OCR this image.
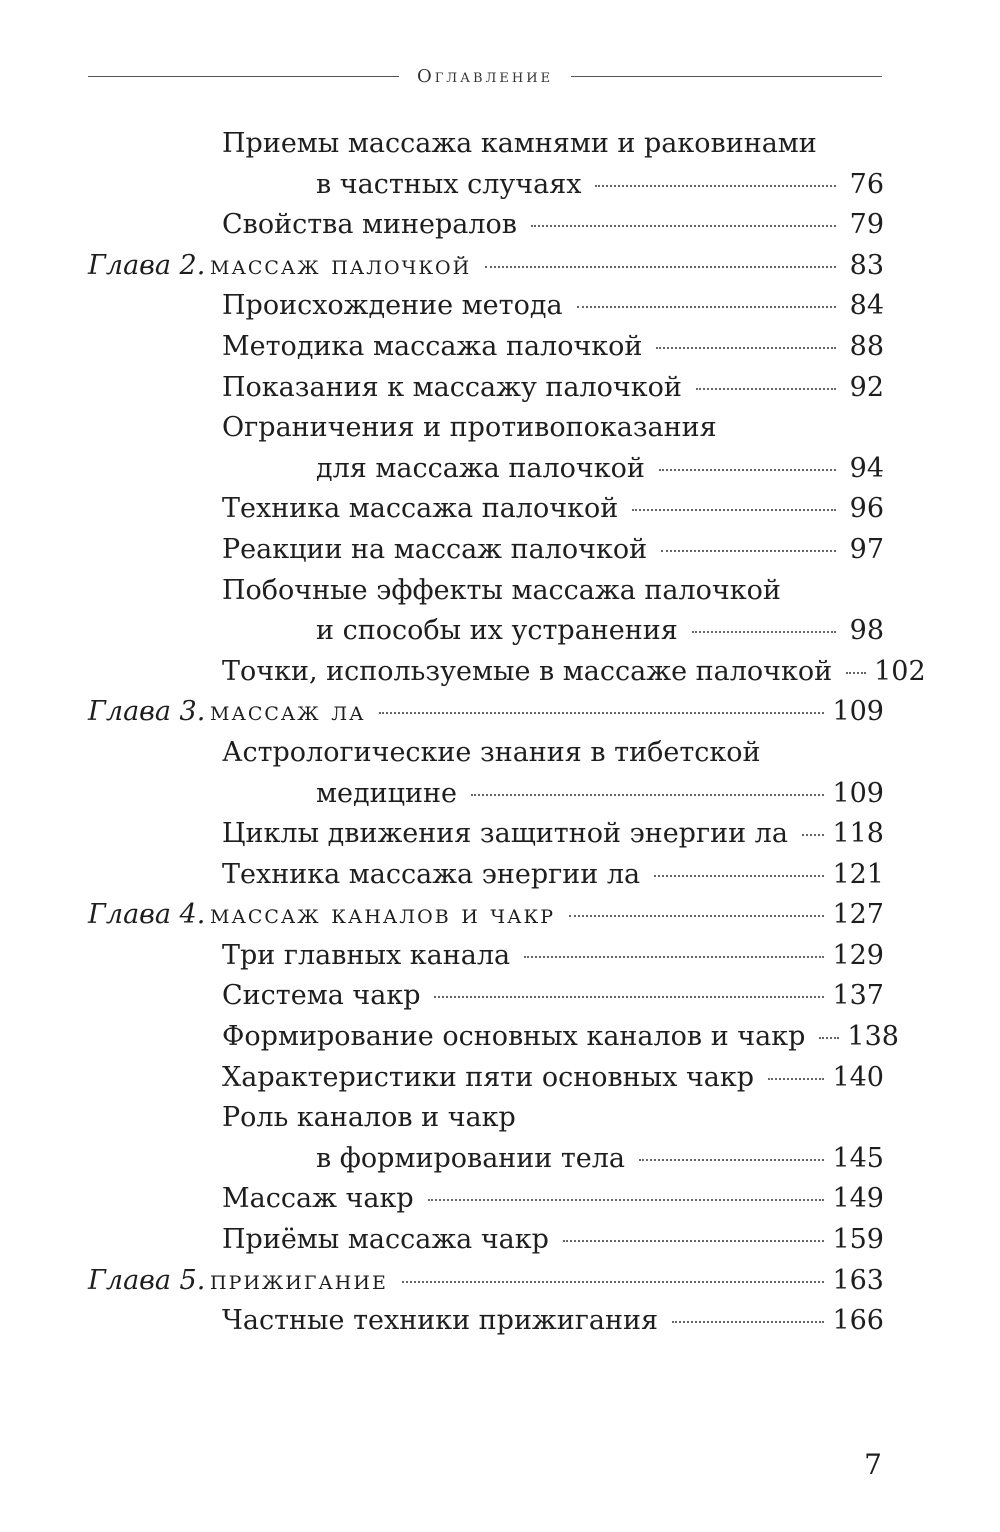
Оглавление
Приемы массажа камнями и раковинами
в частных случаях	76
Свойства минералов	79
Глава 2. массаж палочкой	83
Происхождение метода	84
Методика массажа палочкой	88
Показания к массажу палочкой	92
Ограничения и противопоказания
для массажа палочкой	94
Техника массажа палочкой	96
Реакции на массаж палочкой	97
Побочные эффекты массажа палочкой
и способы их устранения	98
Точки, используемые в массаже палочкой 102
Глава 3. массаж ла	109
Астрологические знания в тибетской
медицине	109
Циклы движения защитной энергии ла 118
Техника массажа энергии ла	121
Глава 4. массаж каналов и чакр	127
Три главных канала	129
Система чакр	137
Формирование основных каналов и чакр 138
Характеристики пяти основных чакр	140
Роль каналов и чакр
в формировании тела	145
Массаж чакр	149
Приёмы массажа чакр	159
Глава 5. прижигание	163
Частные техники прижигания	166
7
